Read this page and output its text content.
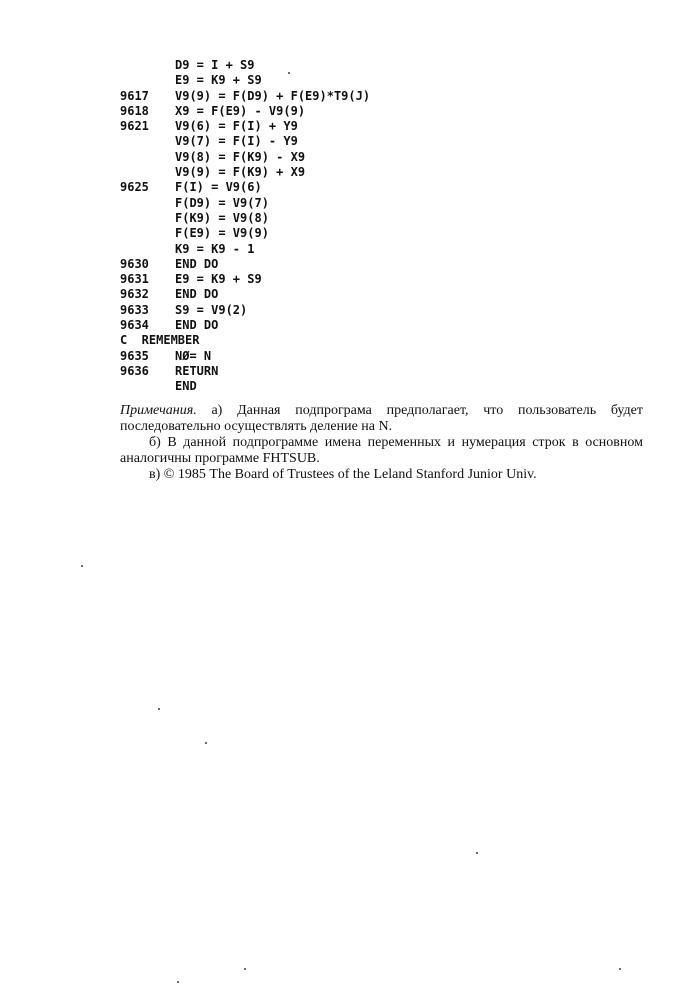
D9 = I + S9
E9 = K9 + S9
9617 V9(9) = F(D9) + F(E9)*T9(J)
9618 X9 = F(E9) - V9(9)
9621 V9(6) = F(I) + Y9
V9(7) = F(I) - Y9
V9(8) = F(K9) - X9
V9(9) = F(K9) + X9
9625 F(I) = V9(6)
F(D9) = V9(7)
F(K9) = V9(8)
F(E9) = V9(9)
K9 = K9 - 1
9630 END DO
9631 E9 = K9 + S9
9632 END DO
9633 S9 = V9(2)
9634 END DO
C  REMEMBER
9635 NØ= N
9636 RETURN
END

Примечания. а) Данная подпрограма предполагает, что пользователь будет последовательно осуществлять деление на N.

б) В данной подпрограмме имена переменных и нумерация строк в основном аналогичны программе FHTSUB.

в) © 1985 The Board of Trustees of the Leland Stanford Junior Univ.
